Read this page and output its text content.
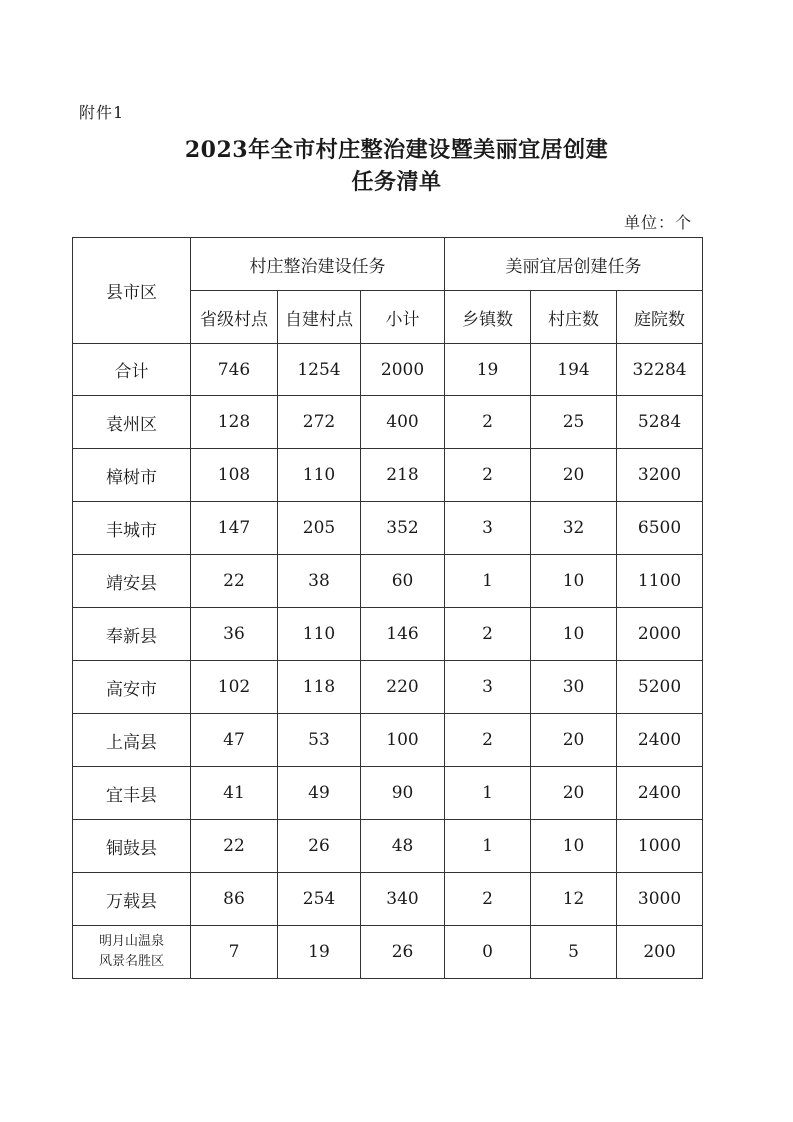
附件1
2023年全市村庄整治建设暨美丽宜居创建
任务清单
单位：个
县市区	村庄整治建设任务			美丽宜居创建任务		
	省级村点	自建村点	小计	乡镇数	村庄数	庭院数
合计	746	1254	2000	19	194	32284
袁州区	128	272	400	2	25	5284
樟树市	108	110	218	2	20	3200
丰城市	147	205	352	3	32	6500
靖安县	22	38	60	1	10	1100
奉新县	36	110	146	2	10	2000
高安市	102	118	220	3	30	5200
上高县	47	53	100	2	20	2400
宜丰县	41	49	90	1	20	2400
铜鼓县	22	26	48	1	10	1000
万载县	86	254	340	2	12	3000

明月山温泉
风景名胜区	7	19	26	0	5	200
